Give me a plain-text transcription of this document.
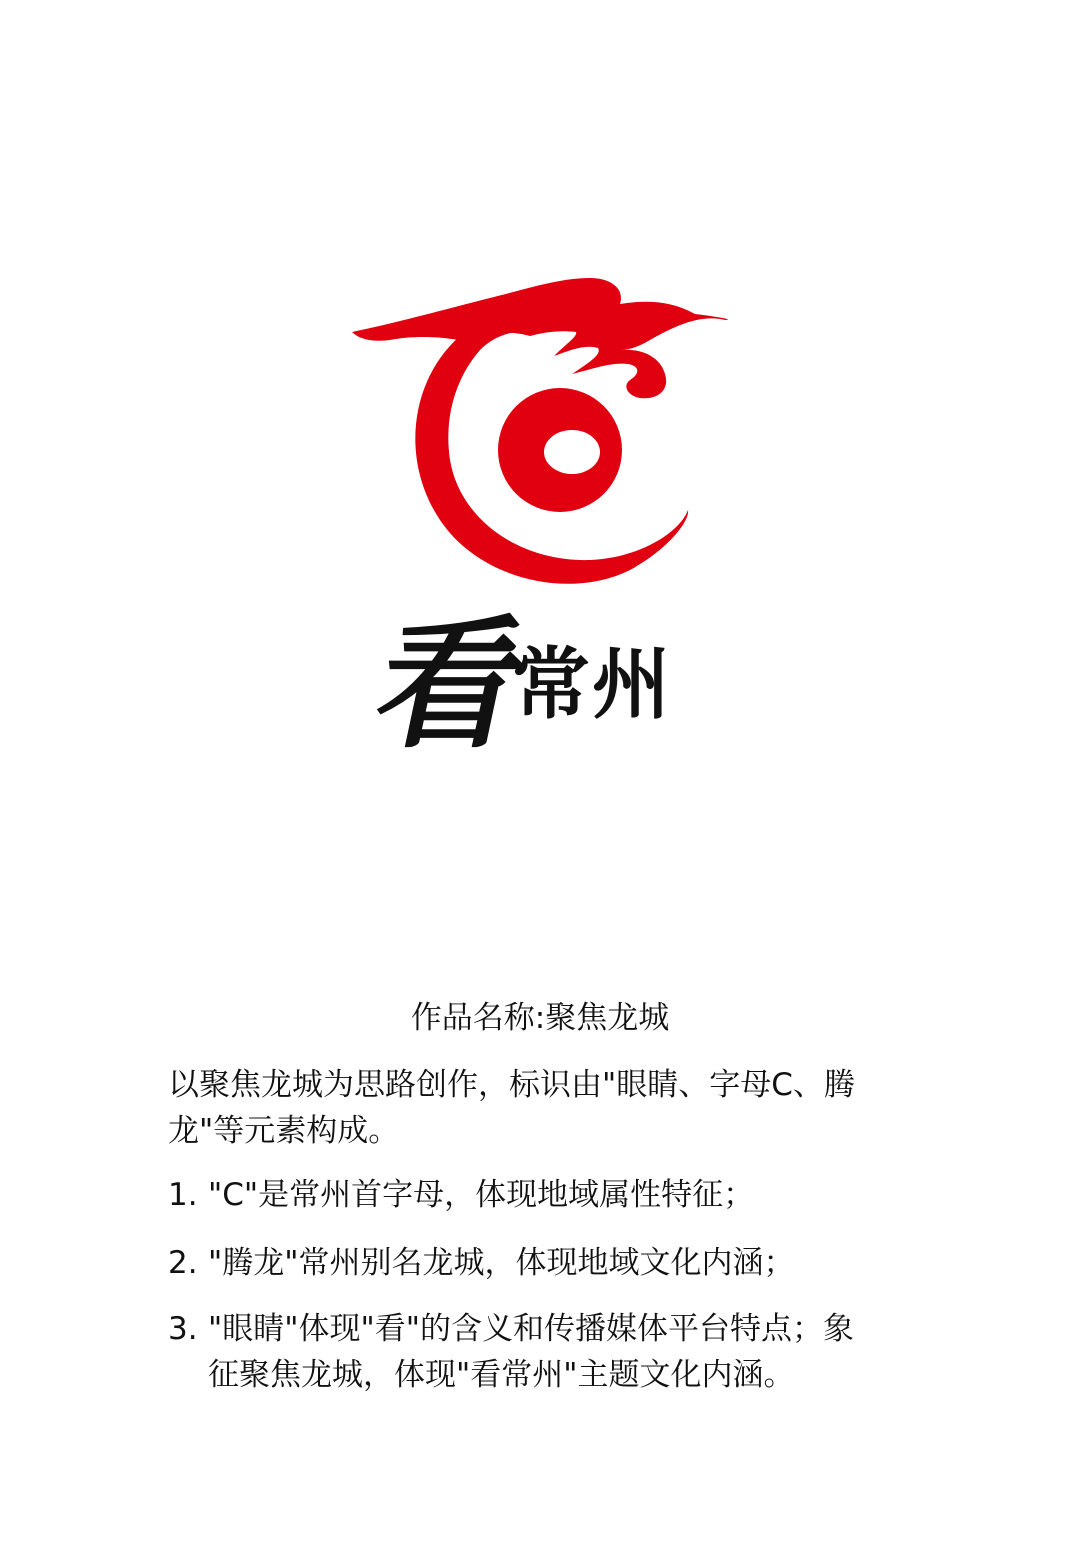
看
常州
作品名称:聚焦龙城
以聚焦龙城为思路创作，标识由"眼睛、字母C、腾龙"等元素构成。
1. "C"是常州首字母，体现地域属性特征；
2. "腾龙"常州别名龙城，体现地域文化内涵；
3. "眼睛"体现"看"的含义和传播媒体平台特点；象
征聚焦龙城，体现"看常州"主题文化内涵。
